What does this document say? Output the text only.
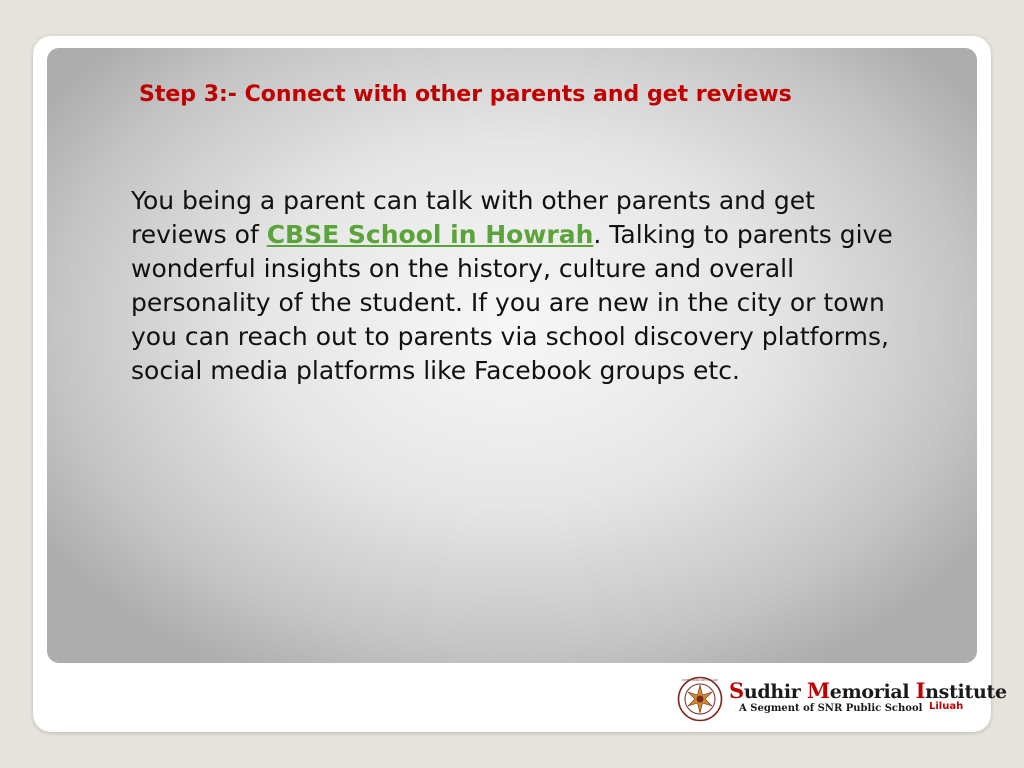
Step 3:- Connect with other parents and get reviews

You being a parent can talk with other parents and get reviews of CBSE School in Howrah. Talking to parents give wonderful insights on the history, culture and overall personality of the student. If you are new in the city or town you can reach out to parents via school discovery platforms, social media platforms like Facebook groups etc.

SUDHIR MEMORIAL INSTITUTE LILUAH Sudhir Memorial Institute
A Segment of SNR Public School Liluah
